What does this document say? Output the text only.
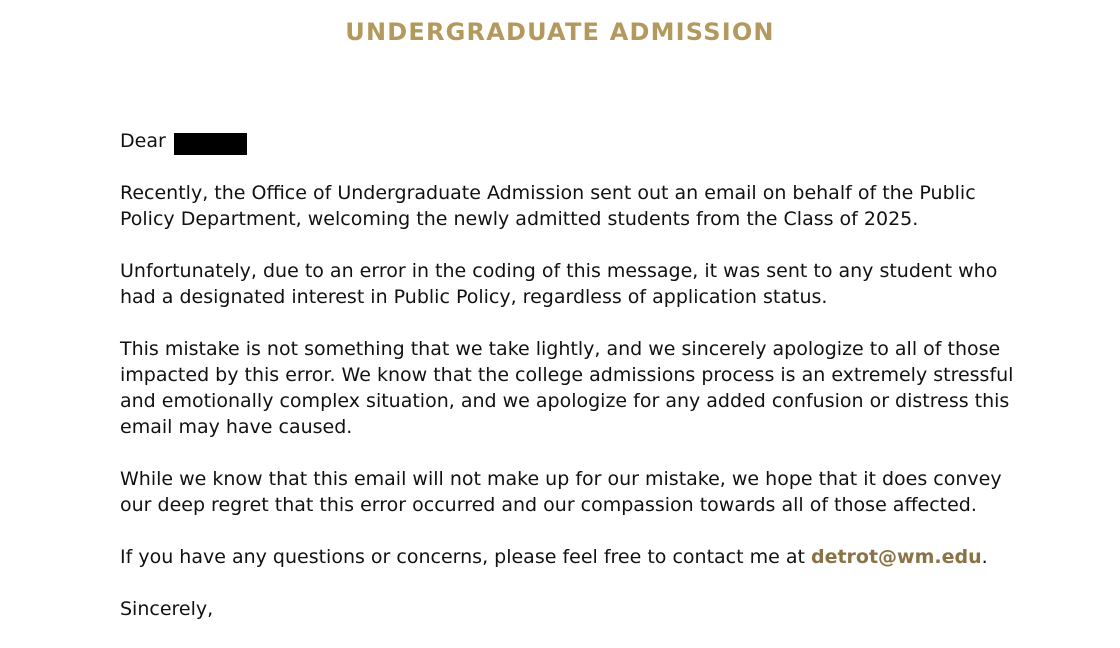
UNDERGRADUATE ADMISSION

Dear

Recently, the Office of Undergraduate Admission sent out an email on behalf of the Public Policy Department, welcoming the newly admitted students from the Class of 2025.

Unfortunately, due to an error in the coding of this message, it was sent to any student who had a designated interest in Public Policy, regardless of application status.

This mistake is not something that we take lightly, and we sincerely apologize to all of those impacted by this error. We know that the college admissions process is an extremely stressful and emotionally complex situation, and we apologize for any added confusion or distress this email may have caused.

While we know that this email will not make up for our mistake, we hope that it does convey our deep regret that this error occurred and our compassion towards all of those affected.

If you have any questions or concerns, please feel free to contact me at detrot@wm.edu.

Sincerely,
